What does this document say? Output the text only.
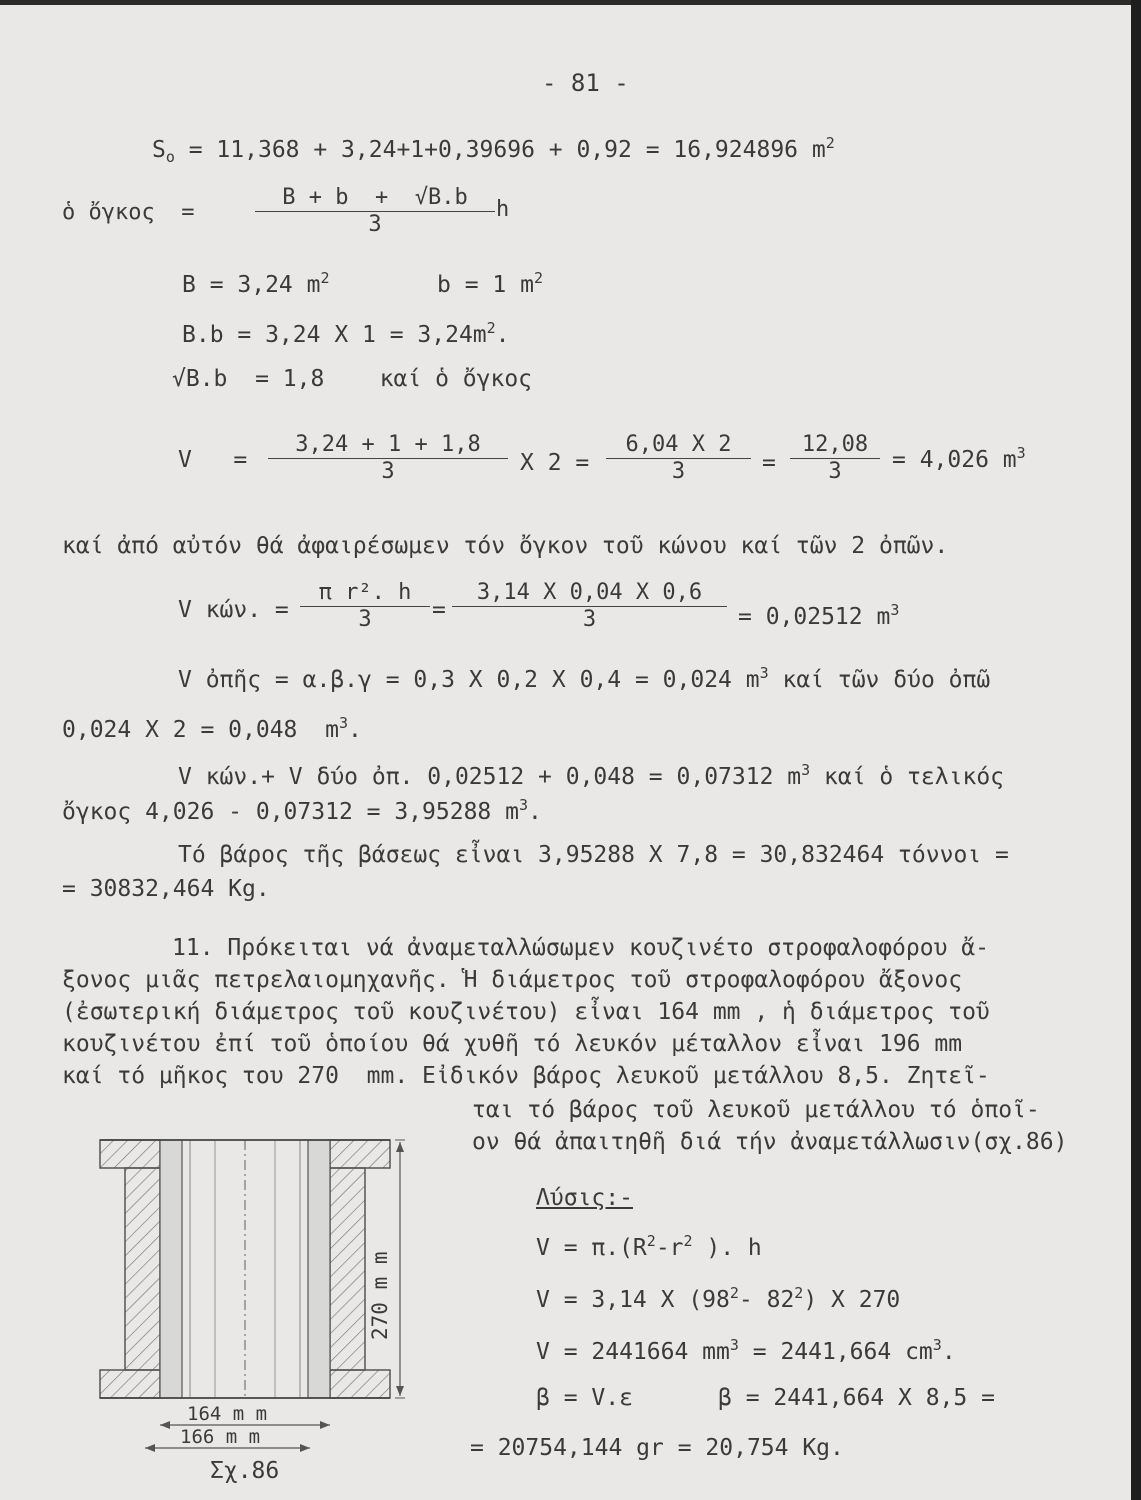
- 81 -
$S_o = 11,368 + 3,24+1+0,39696 + 0,92 = 16,924896$ $m^2$
ὁ ὄγκος  =
B + b  +  √B.b
3
h
B = 3,24 $m^2$	b = 1 $m^2$
B.b = 3,24 X $1 = 3,24m^2$.
√B.b  = 1,8    καί ὁ ὄγκος
V   =
3,24 + 1 + 1,8
3	X 2 =
6,04 X 2
3	=
12,08
3	= 4,026 $m^3$
καί ἀπό αὐτόν θά ἀφαιρέσωμεν τόν ὄγκον τοῦ κώνου καί τῶν 2 ὀπῶν.
V κών. =
π r². h
3	=
3,14 X 0,04 X 0,6
3	= 0,02512 $m^3$
V ὀπῆς = α.β.γ = 0,3 X 0,2 X 0,4 = 0,024 $m^3$ καί τῶν δύο ὀπῶ
0,024 X 2 = 0,048  $m^3$.
V κών.+ V δύο ὀπ. 0,02512 + 0,048 = 0,07312 $m^3$ καί ὁ τελικός
ὄγκος 4,026 - 0,07312 = 3,95288 $m^3$.
Τό βάρος τῆς βάσεως εἶναι 3,95288 X 7,8 = 30,832464 τόννοι =
= 30832,464 Kg.
11. Πρόκειται νά ἀναμεταλλώσωμεν κουζινέτο στροφαλοφόρου ἄ-
ξονος μιᾶς πετρελαιομηχανῆς. Ἡ διάμετρος τοῦ στροφαλοφόρου ἄξονος
(ἐσωτερική διάμετρος τοῦ κουζινέτου) εἶναι 164 mm , ἡ διάμετρος τοῦ
κουζινέτου ἐπί τοῦ ὁποίου θά χυθῆ τό λευκόν μέταλλον εἶναι 196 mm
καί τό μῆκος του 270  mm. Εἰδικόν βάρος λευκοῦ μετάλλου 8,5. Ζητεῖ-
ται τό βάρος τοῦ λευκοῦ μετάλλου τό ὁποῖ-
ον θά ἀπαιτηθῆ διά τήν ἀναμετάλλωσιν(σχ.86)
Λύσις:-
$V = \pi.(R^2-r^2$ ). h
V = 3,14 X ($98^2-$ $82^2$) X 270
V = 2441664 $mm^3 = 2441,664$ $cm^3$.
β = V.ε	β = 2441,664 X 8,5 =
= 20754,144 gr = 20,754 Kg.
270 m m
164 m m
166 m m
Σχ.86
